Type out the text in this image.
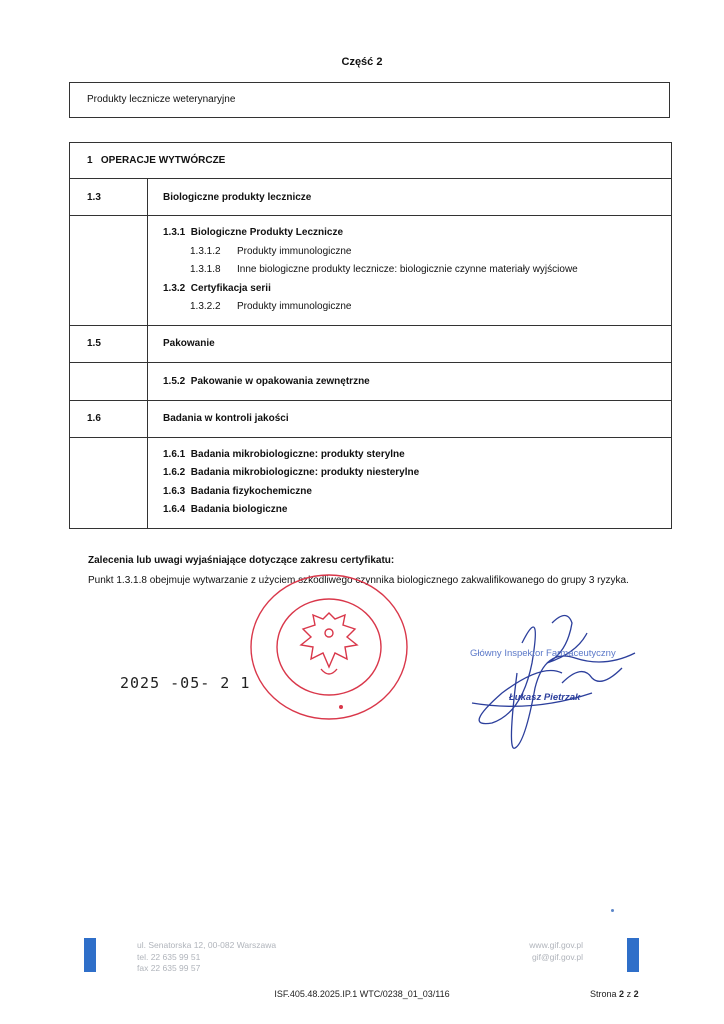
Część 2
Produkty lecznicze weterynaryjne
1   OPERACJE WYTWÓRCZE	
1.3	Biologiczne produkty lecznicze

	1.3.1  Biologiczne Produkty Lecznicze
1.3.1.2 Produkty immunologiczne
1.3.1.8 Inne biologiczne produkty lecznicze: biologicznie czynne materiały wyjściowe
1.3.2  Certyfikacja serii
1.3.2.2 Produkty immunologiczne

1.5	Pakowanie
	1.5.2  Pakowanie w opakowania zewnętrzne
1.6	Badania w kontroli jakości

	1.6.1  Badania mikrobiologiczne: produkty sterylne
1.6.2  Badania mikrobiologiczne: produkty niesterylne
1.6.3  Badania fizykochemiczne
1.6.4  Badania biologiczne
Zalecenia lub uwagi wyjaśniające dotyczące zakresu certyfikatu:
Punkt 1.3.1.8 obejmuje wytwarzanie z użyciem szkodliwego czynnika biologicznego zakwalifikowanego do grupy 3 ryzyka.
2025 -05- 2 1
Główny Inspektor Farmaceutyczny
Łukasz Pietrzak
ul. Senatorska 12, 00-082 Warszawa
tel. 22 635 99 51
fax 22 635 99 57
www.gif.gov.pl
gif@gif.gov.pl
ISF.405.48.2025.IP.1 WTC/0238_01_03/116	Strona 2 z 2
